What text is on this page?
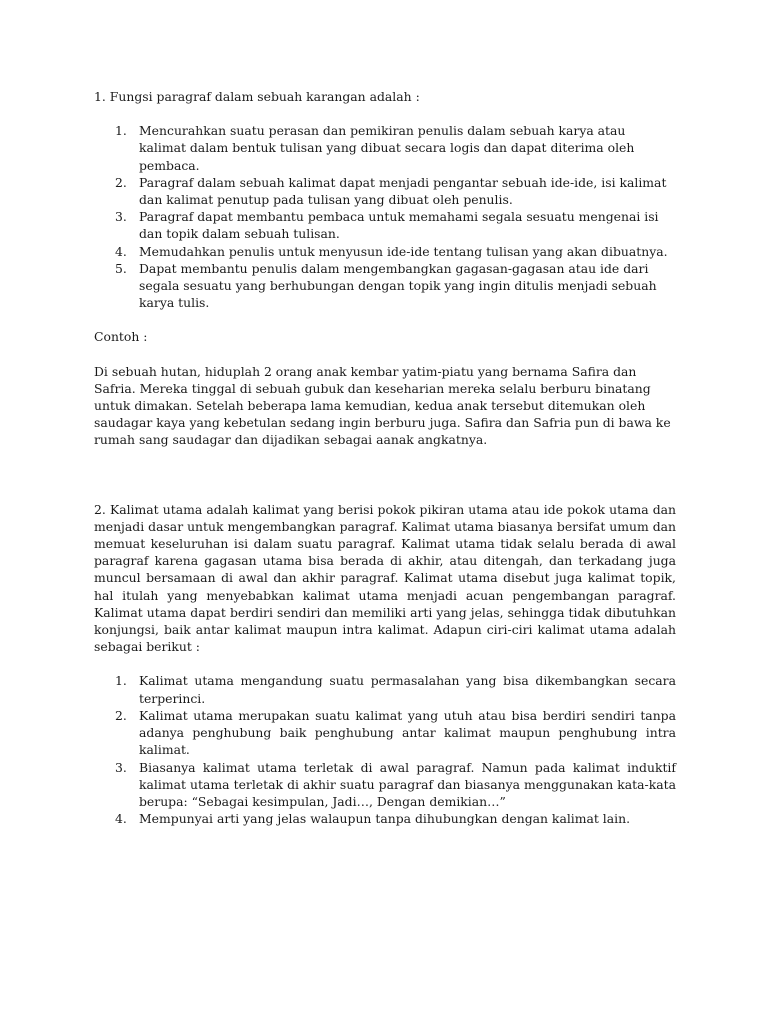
1. Fungsi paragraf dalam sebuah karangan adalah :

1. Mencurahkan suatu perasan dan pemikiran penulis dalam sebuah karya atau kalimat dalam bentuk tulisan yang dibuat secara logis dan dapat diterima oleh pembaca.
2. Paragraf dalam sebuah kalimat dapat menjadi pengantar sebuah ide-ide, isi kalimat dan kalimat penutup pada tulisan yang dibuat oleh penulis.
3. Paragraf dapat membantu pembaca untuk memahami segala sesuatu mengenai isi dan topik dalam sebuah tulisan.
4. Memudahkan penulis untuk menyusun ide-ide tentang tulisan yang akan dibuatnya.
5. Dapat membantu penulis dalam mengembangkan gagasan-gagasan atau ide dari segala sesuatu yang berhubungan dengan topik yang ingin ditulis menjadi sebuah karya tulis.

Contoh :

Di sebuah hutan, hiduplah 2 orang anak kembar yatim-piatu yang bernama Safira dan Safria. Mereka tinggal di sebuah gubuk dan keseharian mereka selalu berburu binatang untuk dimakan. Setelah beberapa lama kemudian, kedua anak tersebut ditemukan oleh saudagar kaya yang kebetulan sedang ingin berburu juga. Safira dan Safria pun di bawa ke rumah sang saudagar dan dijadikan sebagai aanak angkatnya.

2. Kalimat utama adalah kalimat yang berisi pokok pikiran utama atau ide pokok utama dan menjadi dasar untuk mengembangkan paragraf. Kalimat utama biasanya bersifat umum dan memuat keseluruhan isi dalam suatu paragraf. Kalimat utama tidak selalu berada di awal paragraf karena gagasan utama bisa berada di akhir, atau ditengah, dan terkadang juga muncul bersamaan di awal dan akhir paragraf. Kalimat utama disebut juga kalimat topik, hal itulah yang menyebabkan kalimat utama menjadi acuan pengembangan paragraf. Kalimat utama dapat berdiri sendiri dan memiliki arti yang jelas, sehingga tidak dibutuhkan konjungsi, baik antar kalimat maupun intra kalimat. Adapun ciri-ciri kalimat utama adalah sebagai berikut :

1. Kalimat utama mengandung suatu permasalahan yang bisa dikembangkan secara terperinci.
2. Kalimat utama merupakan suatu kalimat yang utuh atau bisa berdiri sendiri tanpa adanya penghubung baik penghubung antar kalimat maupun penghubung intra kalimat.
3. Biasanya kalimat utama terletak di awal paragraf. Namun pada kalimat induktif kalimat utama terletak di akhir suatu paragraf dan biasanya menggunakan kata-kata berupa: “Sebagai kesimpulan, Jadi…, Dengan demikian…”
4. Mempunyai arti yang jelas walaupun tanpa dihubungkan dengan kalimat lain.
